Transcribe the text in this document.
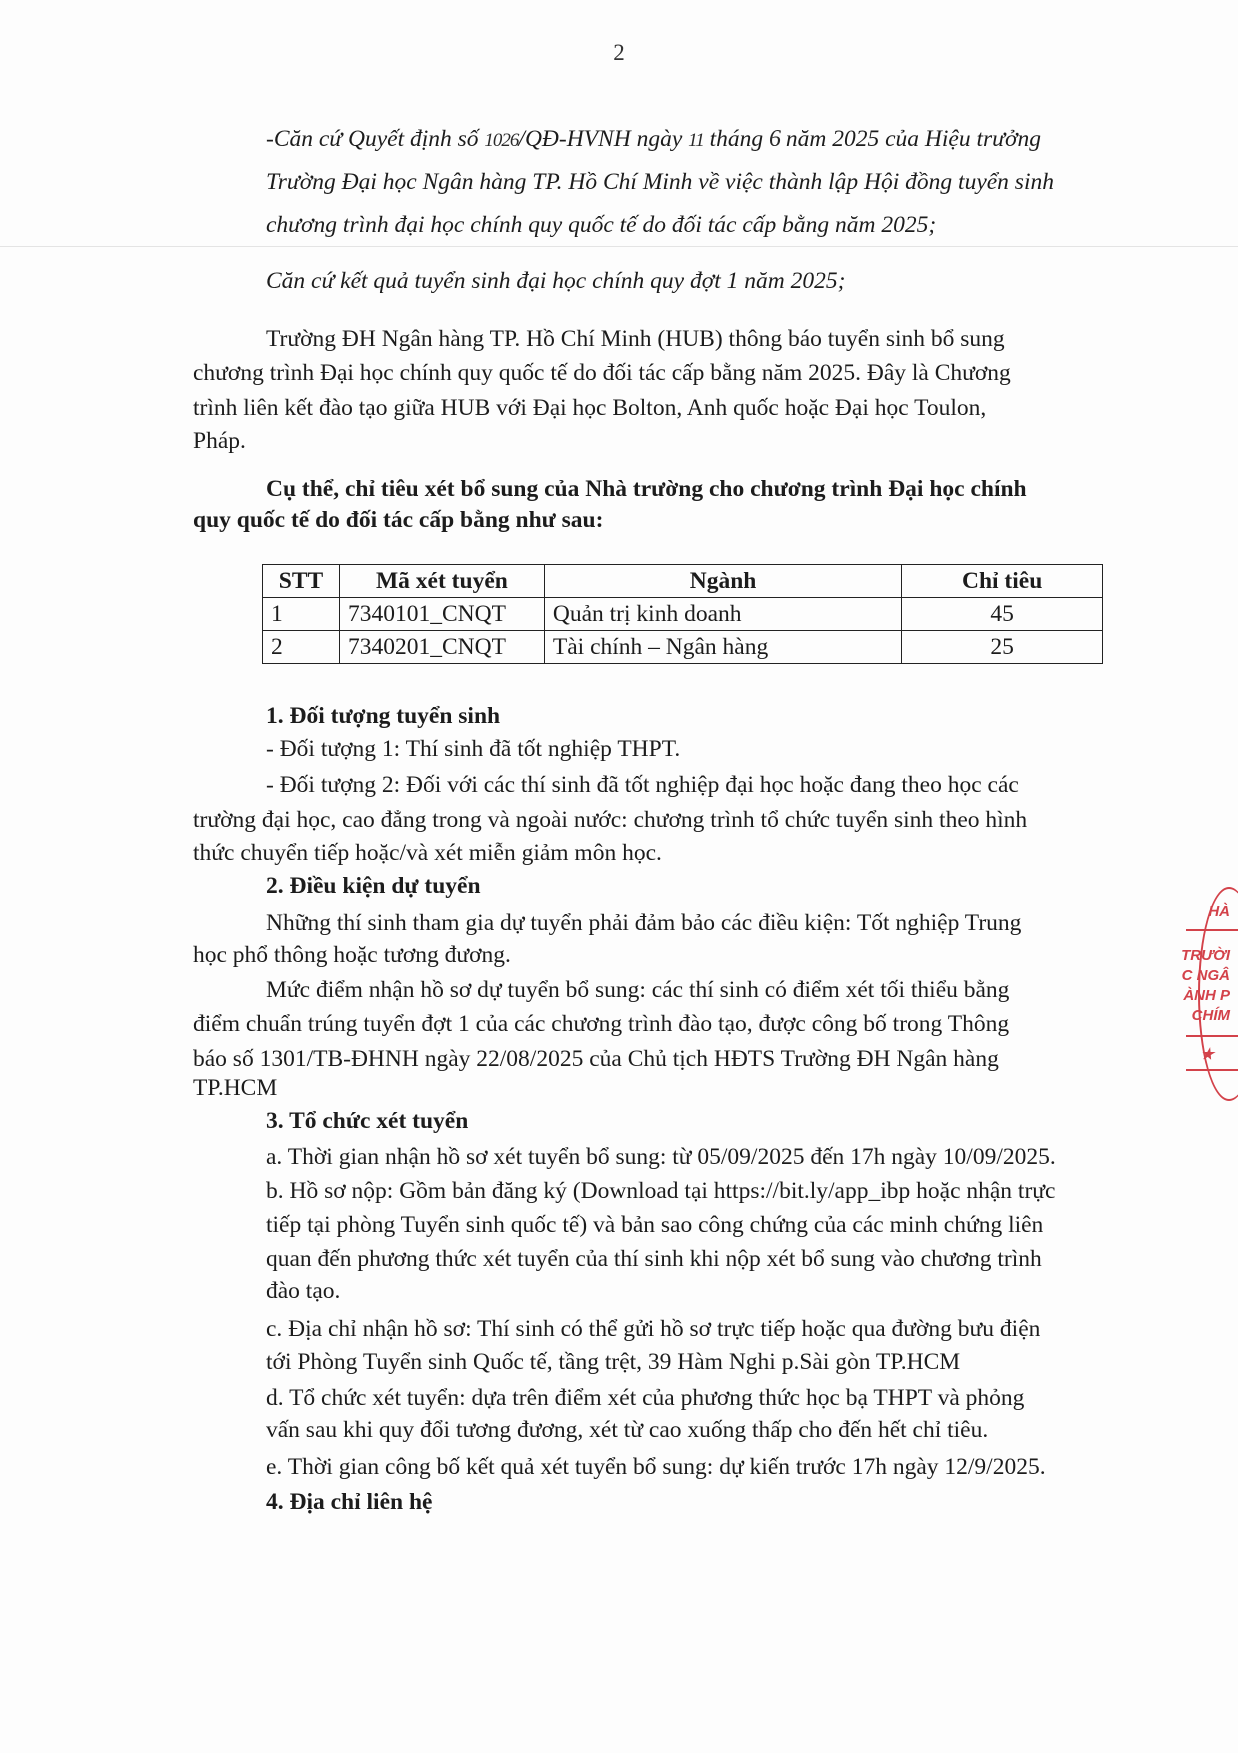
2
-Căn cứ Quyết định số 1026/QĐ-HVNH ngày 11 tháng 6 năm 2025 của Hiệu trưởng
Trường Đại học Ngân hàng TP. Hồ Chí Minh về việc thành lập Hội đồng tuyển sinh
chương trình đại học chính quy quốc tế do đối tác cấp bằng năm 2025;
Căn cứ kết quả tuyển sinh đại học chính quy đợt 1 năm 2025;
Trường ĐH Ngân hàng TP. Hồ Chí Minh (HUB) thông báo tuyển sinh bổ sung
chương trình Đại học chính quy quốc tế do đối tác cấp bằng năm 2025. Đây là Chương
trình liên kết đào tạo giữa HUB với Đại học Bolton, Anh quốc hoặc Đại học Toulon,
Pháp.
Cụ thể, chỉ tiêu xét bổ sung của Nhà trường cho chương trình Đại học chính
quy quốc tế do đối tác cấp bằng như sau:
STT	Mã xét tuyển	Ngành	Chỉ tiêu
1	7340101_CNQT	Quản trị kinh doanh	45
2	7340201_CNQT	Tài chính – Ngân hàng	25
1. Đối tượng tuyển sinh
- Đối tượng 1: Thí sinh đã tốt nghiệp THPT.
- Đối tượng 2: Đối với các thí sinh đã tốt nghiệp đại học hoặc đang theo học các
trường đại học, cao đẳng trong và ngoài nước: chương trình tổ chức tuyển sinh theo hình
thức chuyển tiếp hoặc/và xét miễn giảm môn học.
2. Điều kiện dự tuyển
Những thí sinh tham gia dự tuyển phải đảm bảo các điều kiện: Tốt nghiệp Trung
học phổ thông hoặc tương đương.
Mức điểm nhận hồ sơ dự tuyển bổ sung: các thí sinh có điểm xét tối thiểu bằng
điểm chuẩn trúng tuyển đợt 1 của các chương trình đào tạo, được công bố trong Thông
báo số 1301/TB-ĐHNH ngày 22/08/2025 của Chủ tịch HĐTS Trường ĐH Ngân hàng
TP.HCM
3. Tổ chức xét tuyển
a. Thời gian nhận hồ sơ xét tuyển bổ sung: từ 05/09/2025 đến 17h ngày 10/09/2025.
b. Hồ sơ nộp: Gồm bản đăng ký (Download tại https://bit.ly/app_ibp hoặc nhận trực
tiếp tại phòng Tuyển sinh quốc tế) và bản sao công chứng của các minh chứng liên
quan đến phương thức xét tuyển của thí sinh khi nộp xét bổ sung vào chương trình
đào tạo.
c. Địa chỉ nhận hồ sơ: Thí sinh có thể gửi hồ sơ trực tiếp hoặc qua đường bưu điện
tới Phòng Tuyển sinh Quốc tế, tầng trệt, 39 Hàm Nghi p.Sài gòn TP.HCM
d. Tổ chức xét tuyển: dựa trên điểm xét của phương thức học bạ THPT và phỏng
vấn sau khi quy đổi tương đương, xét từ cao xuống thấp cho đến hết chỉ tiêu.
e. Thời gian công bố kết quả xét tuyển bổ sung: dự kiến trước 17h ngày 12/9/2025.
4. Địa chỉ liên hệ
HÀ
TRƯỜI
C NGÂ
ÀNH P
CHÍM
★
